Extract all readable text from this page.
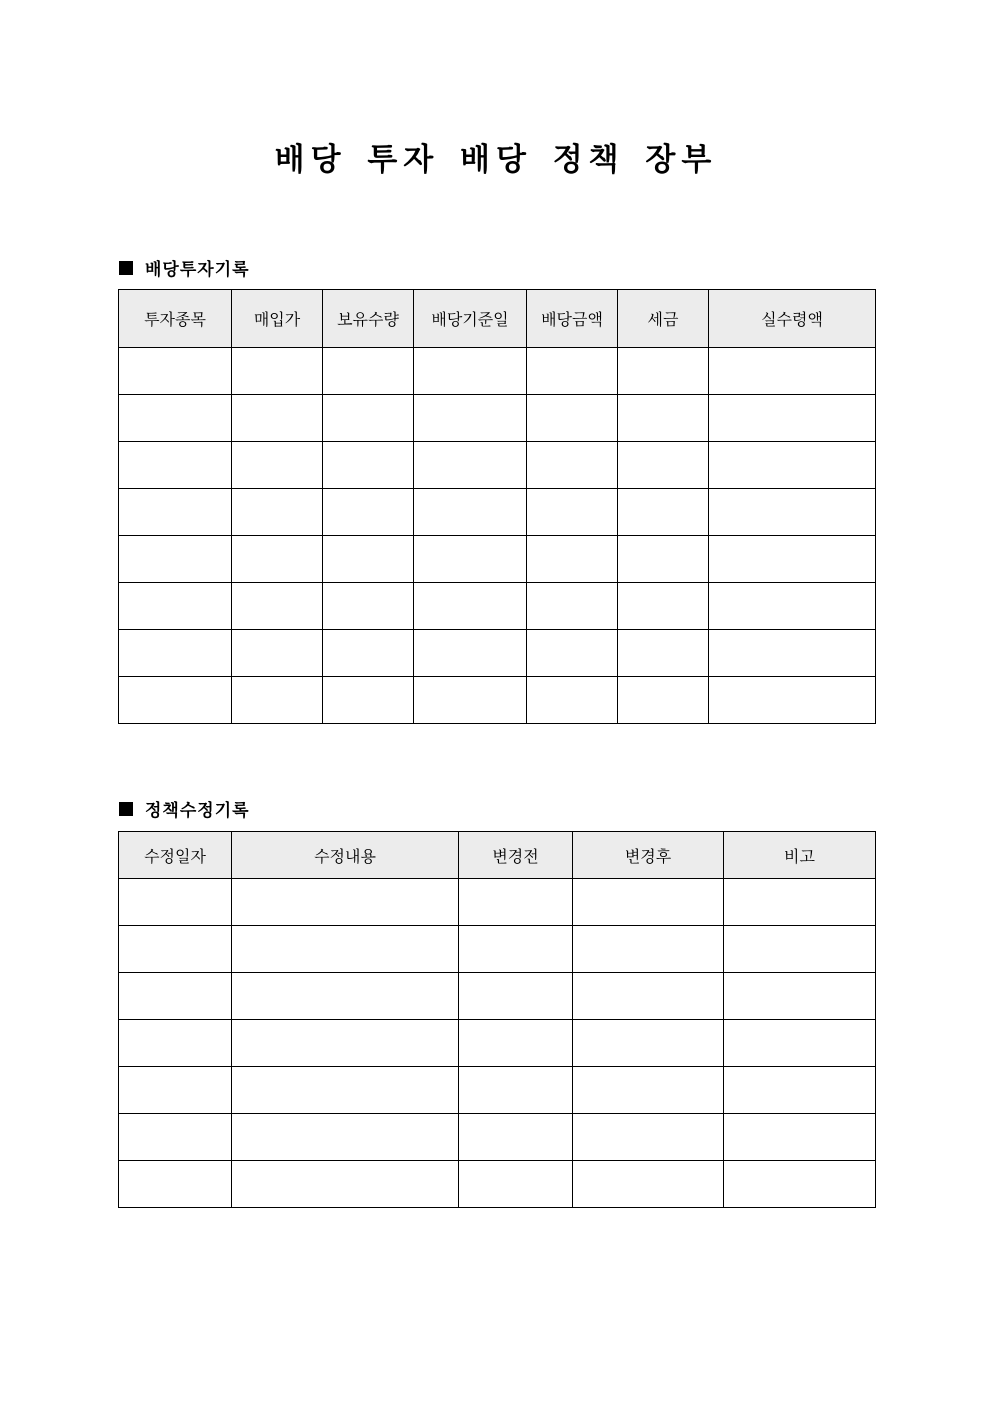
배당 투자 배당 정책 장부
배당투자기록
투자종목	매입가	보유수량	배당기준일	배당금액	세금	실수령액

정책수정기록
수정일자	수정내용	변경전	변경후	비고
